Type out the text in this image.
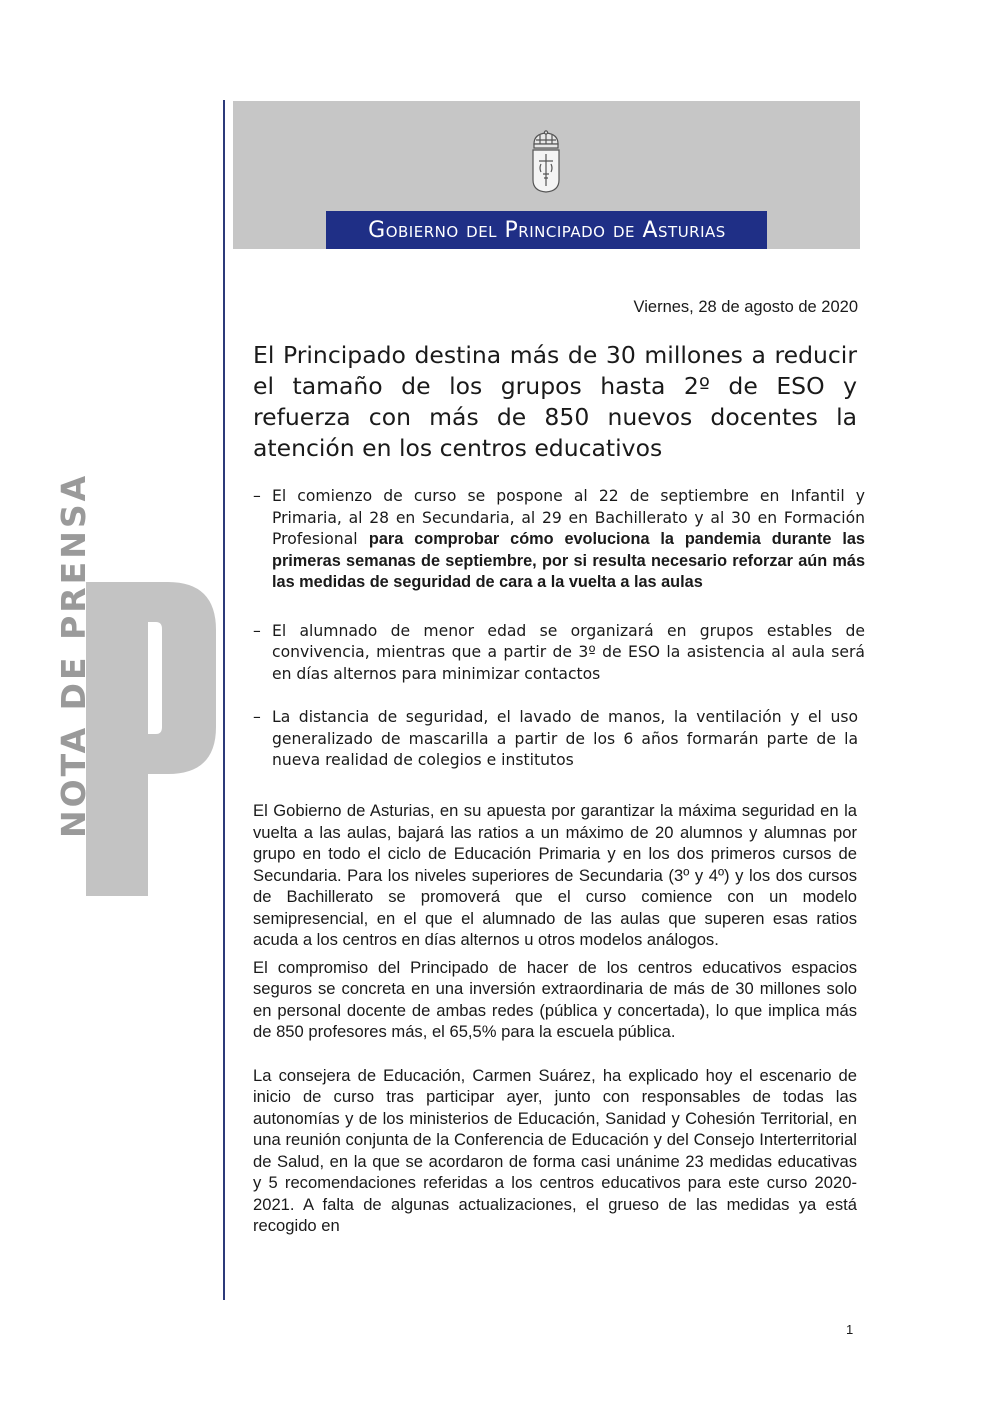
Gobierno del Principado de Asturias
NOTA DE PRENSA
Viernes, 28 de agosto de 2020
El Principado destina más de 30 millones a reducir el tamaño de los grupos hasta 2º de ESO y refuerza con más de 850 nuevos docentes la atención en los centros educativos
– El comienzo de curso se pospone al 22 de septiembre en Infantil y Primaria, al 28 en Secundaria, al 29 en Bachillerato y al 30 en Formación Profesional para comprobar cómo evoluciona la pandemia durante las primeras semanas de septiembre, por si resulta necesario reforzar aún más las medidas de seguridad de cara a la vuelta a las aulas
– El alumnado de menor edad se organizará en grupos estables de convivencia, mientras que a partir de 3º de ESO la asistencia al aula será en días alternos para minimizar contactos
– La distancia de seguridad, el lavado de manos, la ventilación y el uso generalizado de mascarilla a partir de los 6 años formarán parte de la nueva realidad de colegios e institutos

El Gobierno de Asturias, en su apuesta por garantizar la máxima seguridad en la vuelta a las aulas, bajará las ratios a un máximo de 20 alumnos y alumnas por grupo en todo el ciclo de Educación Primaria y en los dos primeros cursos de Secundaria. Para los niveles superiores de Secundaria (3º y 4º) y los dos cursos de Bachillerato se promoverá que el curso comience con un modelo semipresencial, en el que el alumnado de las aulas que superen esas ratios acuda a los centros en días alternos u otros modelos análogos.

El compromiso del Principado de hacer de los centros educativos espacios seguros se concreta en una inversión extraordinaria de más de 30 millones solo en personal docente de ambas redes (pública y concertada), lo que implica más de 850 profesores más, el 65,5% para la escuela pública.

La consejera de Educación, Carmen Suárez, ha explicado hoy el escenario de inicio de curso tras participar ayer, junto con responsables de todas las autonomías y de los ministerios de Educación, Sanidad y Cohesión Territorial, en una reunión conjunta de la Conferencia de Educación y del Consejo Interterritorial de Salud, en la que se acordaron de forma casi unánime 23 medidas educativas y 5 recomendaciones referidas a los centros educativos para este curso 2020-2021. A falta de algunas actualizaciones, el grueso de las medidas ya está recogido en

1
